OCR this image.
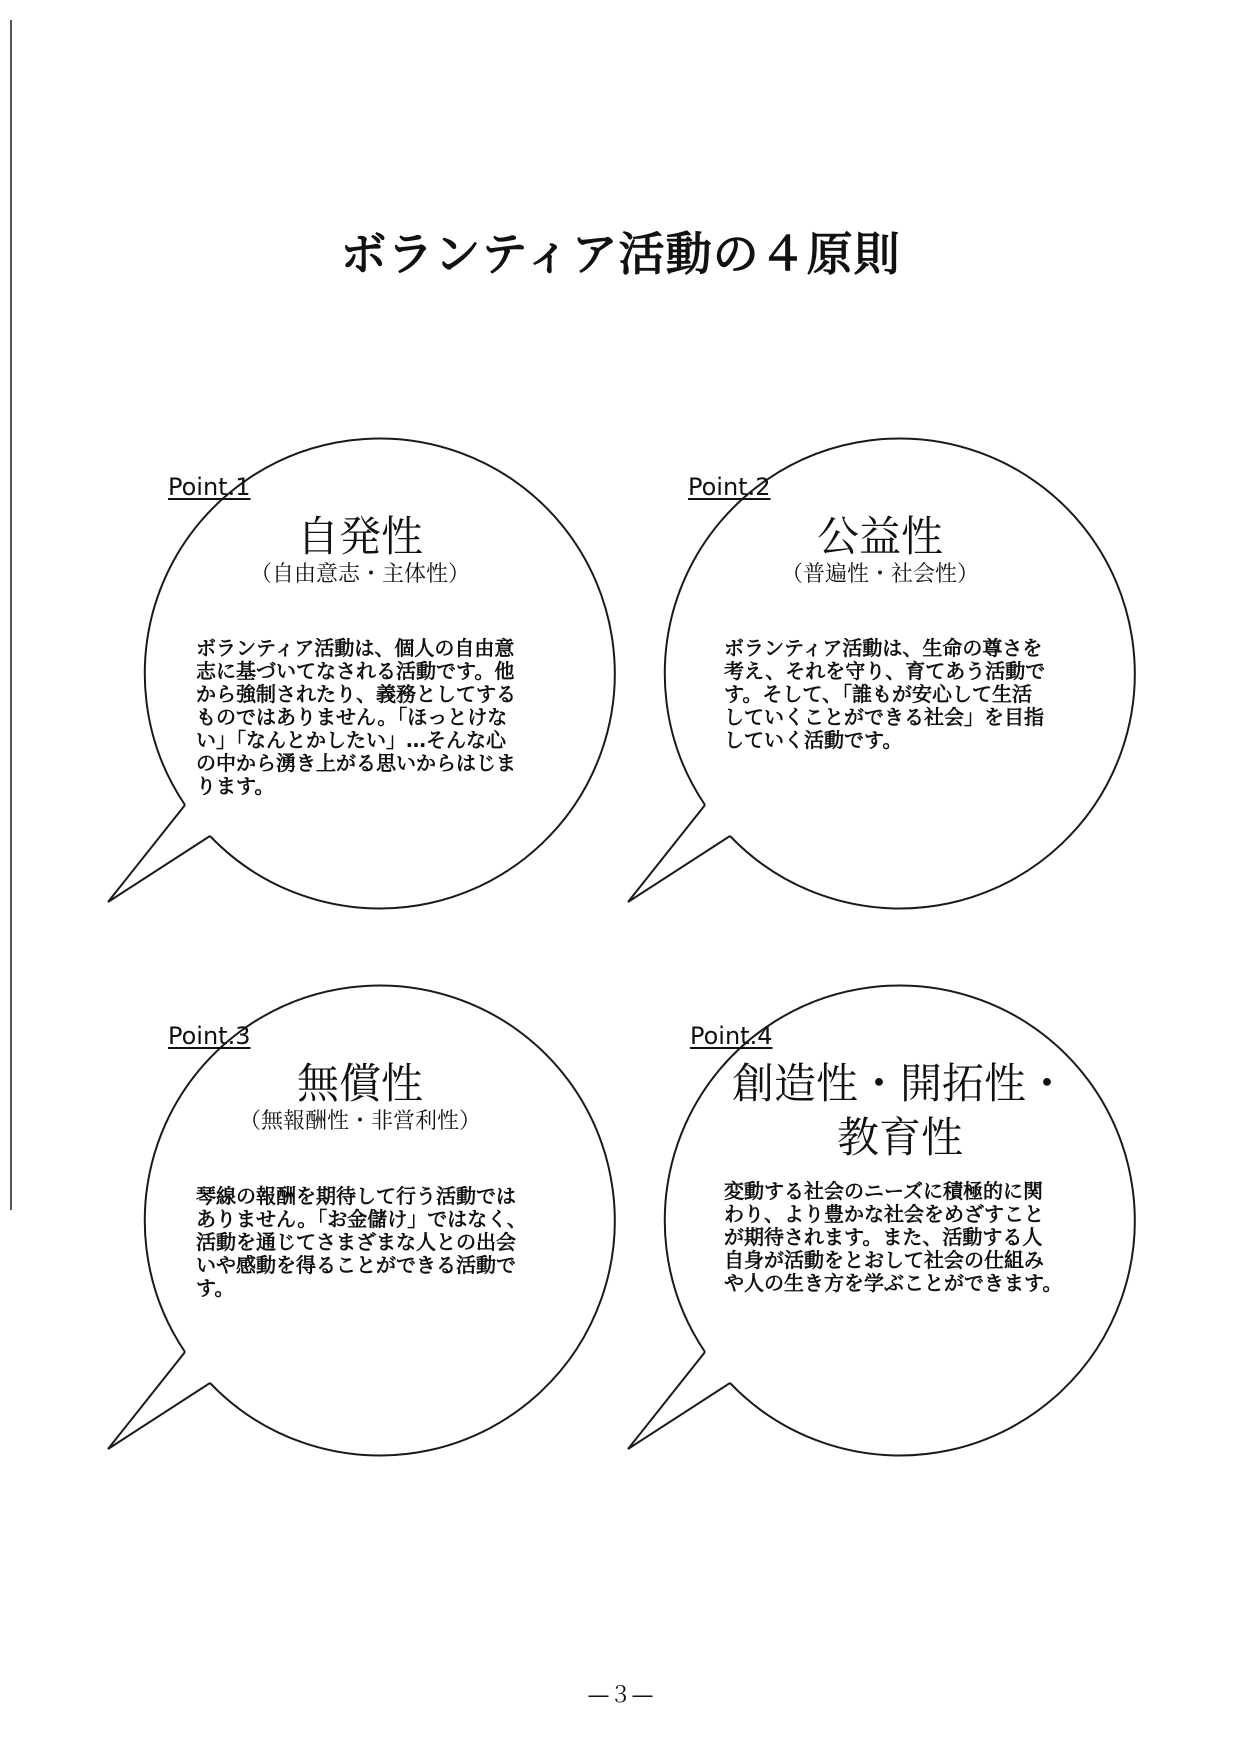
ボランティア活動の４原則
Point.1
自発性
（自由意志・主体性）
ボランティア活動は、個人の自由意
志に基づいてなされる活動です。他
から強制されたり、義務としてする
ものではありません。「ほっとけな
い」「なんとかしたい」…そんな心
の中から湧き上がる思いからはじま
ります。
Point.2
公益性
（普遍性・社会性）
ボランティア活動は、生命の尊さを
考え、それを守り、育てあう活動で
す。そして、「誰もが安心して生活
していくことができる社会」を目指
していく活動です。
Point.3
無償性
（無報酬性・非営利性）
琴線の報酬を期待して行う活動では
ありません。「お金儲け」ではなく、
活動を通じてさまざまな人との出会
いや感動を得ることができる活動で
す。
Point.4
創造性・開拓性・
教育性
変動する社会のニーズに積極的に関
わり、より豊かな社会をめざすこと
が期待されます。また、活動する人
自身が活動をとおして社会の仕組み
や人の生き方を学ぶことができます。
—３—
